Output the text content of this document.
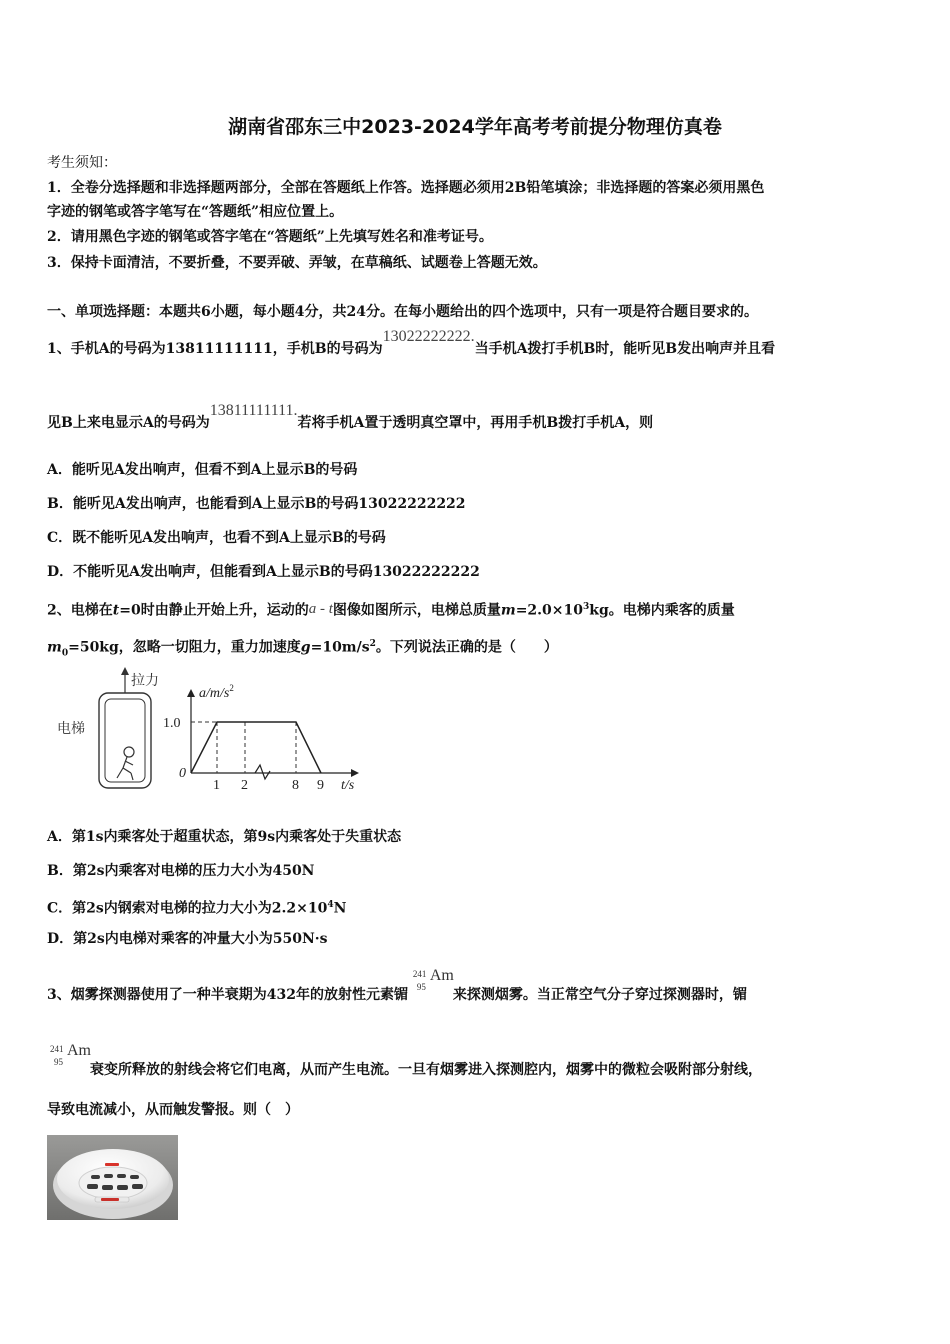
湖南省邵东三中2023-2024学年高考考前提分物理仿真卷
考生须知：
1．全卷分选择题和非选择题两部分，全部在答题纸上作答。选择题必须用2B铅笔填涂；非选择题的答案必须用黑色
字迹的钢笔或答字笔写在“答题纸”相应位置上。
2．请用黑色字迹的钢笔或答字笔在“答题纸”上先填写姓名和准考证号。
3．保持卡面清洁，不要折叠，不要弄破、弄皱，在草稿纸、试题卷上答题无效。
一、单项选择题：本题共6小题，每小题4分，共24分。在每小题给出的四个选项中，只有一项是符合题目要求的。
1、手机A的号码为13811111111，手机B的号码为13022222222.当手机A拨打手机B时，能听见B发出响声并且看
见B上来电显示A的号码为13811111111.若将手机A置于透明真空罩中，再用手机B拨打手机A，则
A．能听见A发出响声，但看不到A上显示B的号码
B．能听见A发出响声，也能看到A上显示B的号码13022222222
C．既不能听见A发出响声，也看不到A上显示B的号码
D．不能听见A发出响声，但能看到A上显示B的号码13022222222
2、电梯在t=0时由静止开始上升，运动的a - t图像如图所示，电梯总质量$m=2.0\times 10^3kg$。电梯内乘客的质量
$m_0=50kg$，忽略一切阻力，重力加速度$g=10m/s^2$。下列说法正确的是（　　）
拉力
电梯
$a/m/s^2$
1.0
0
1 2	8 9 t/s
A．第1s内乘客处于超重状态，第9s内乘客处于失重状态
B．第2s内乘客对电梯的压力大小为450N
C．第2s内钢索对电梯的拉力大小为$2.2\times 10^4N$
D．第2s内电梯对乘客的冲量大小为550N·s
3、烟雾探测器使用了一种半衰期为432年的放射性元素镅
241
95
Am
来探测烟雾。当正常空气分子穿过探测器时，镅
241
95
Am
衰变所释放的射线会将它们电离，从而产生电流。一旦有烟雾进入探测腔内，烟雾中的微粒会吸附部分射线，
导致电流减小，从而触发警报。则（　）
